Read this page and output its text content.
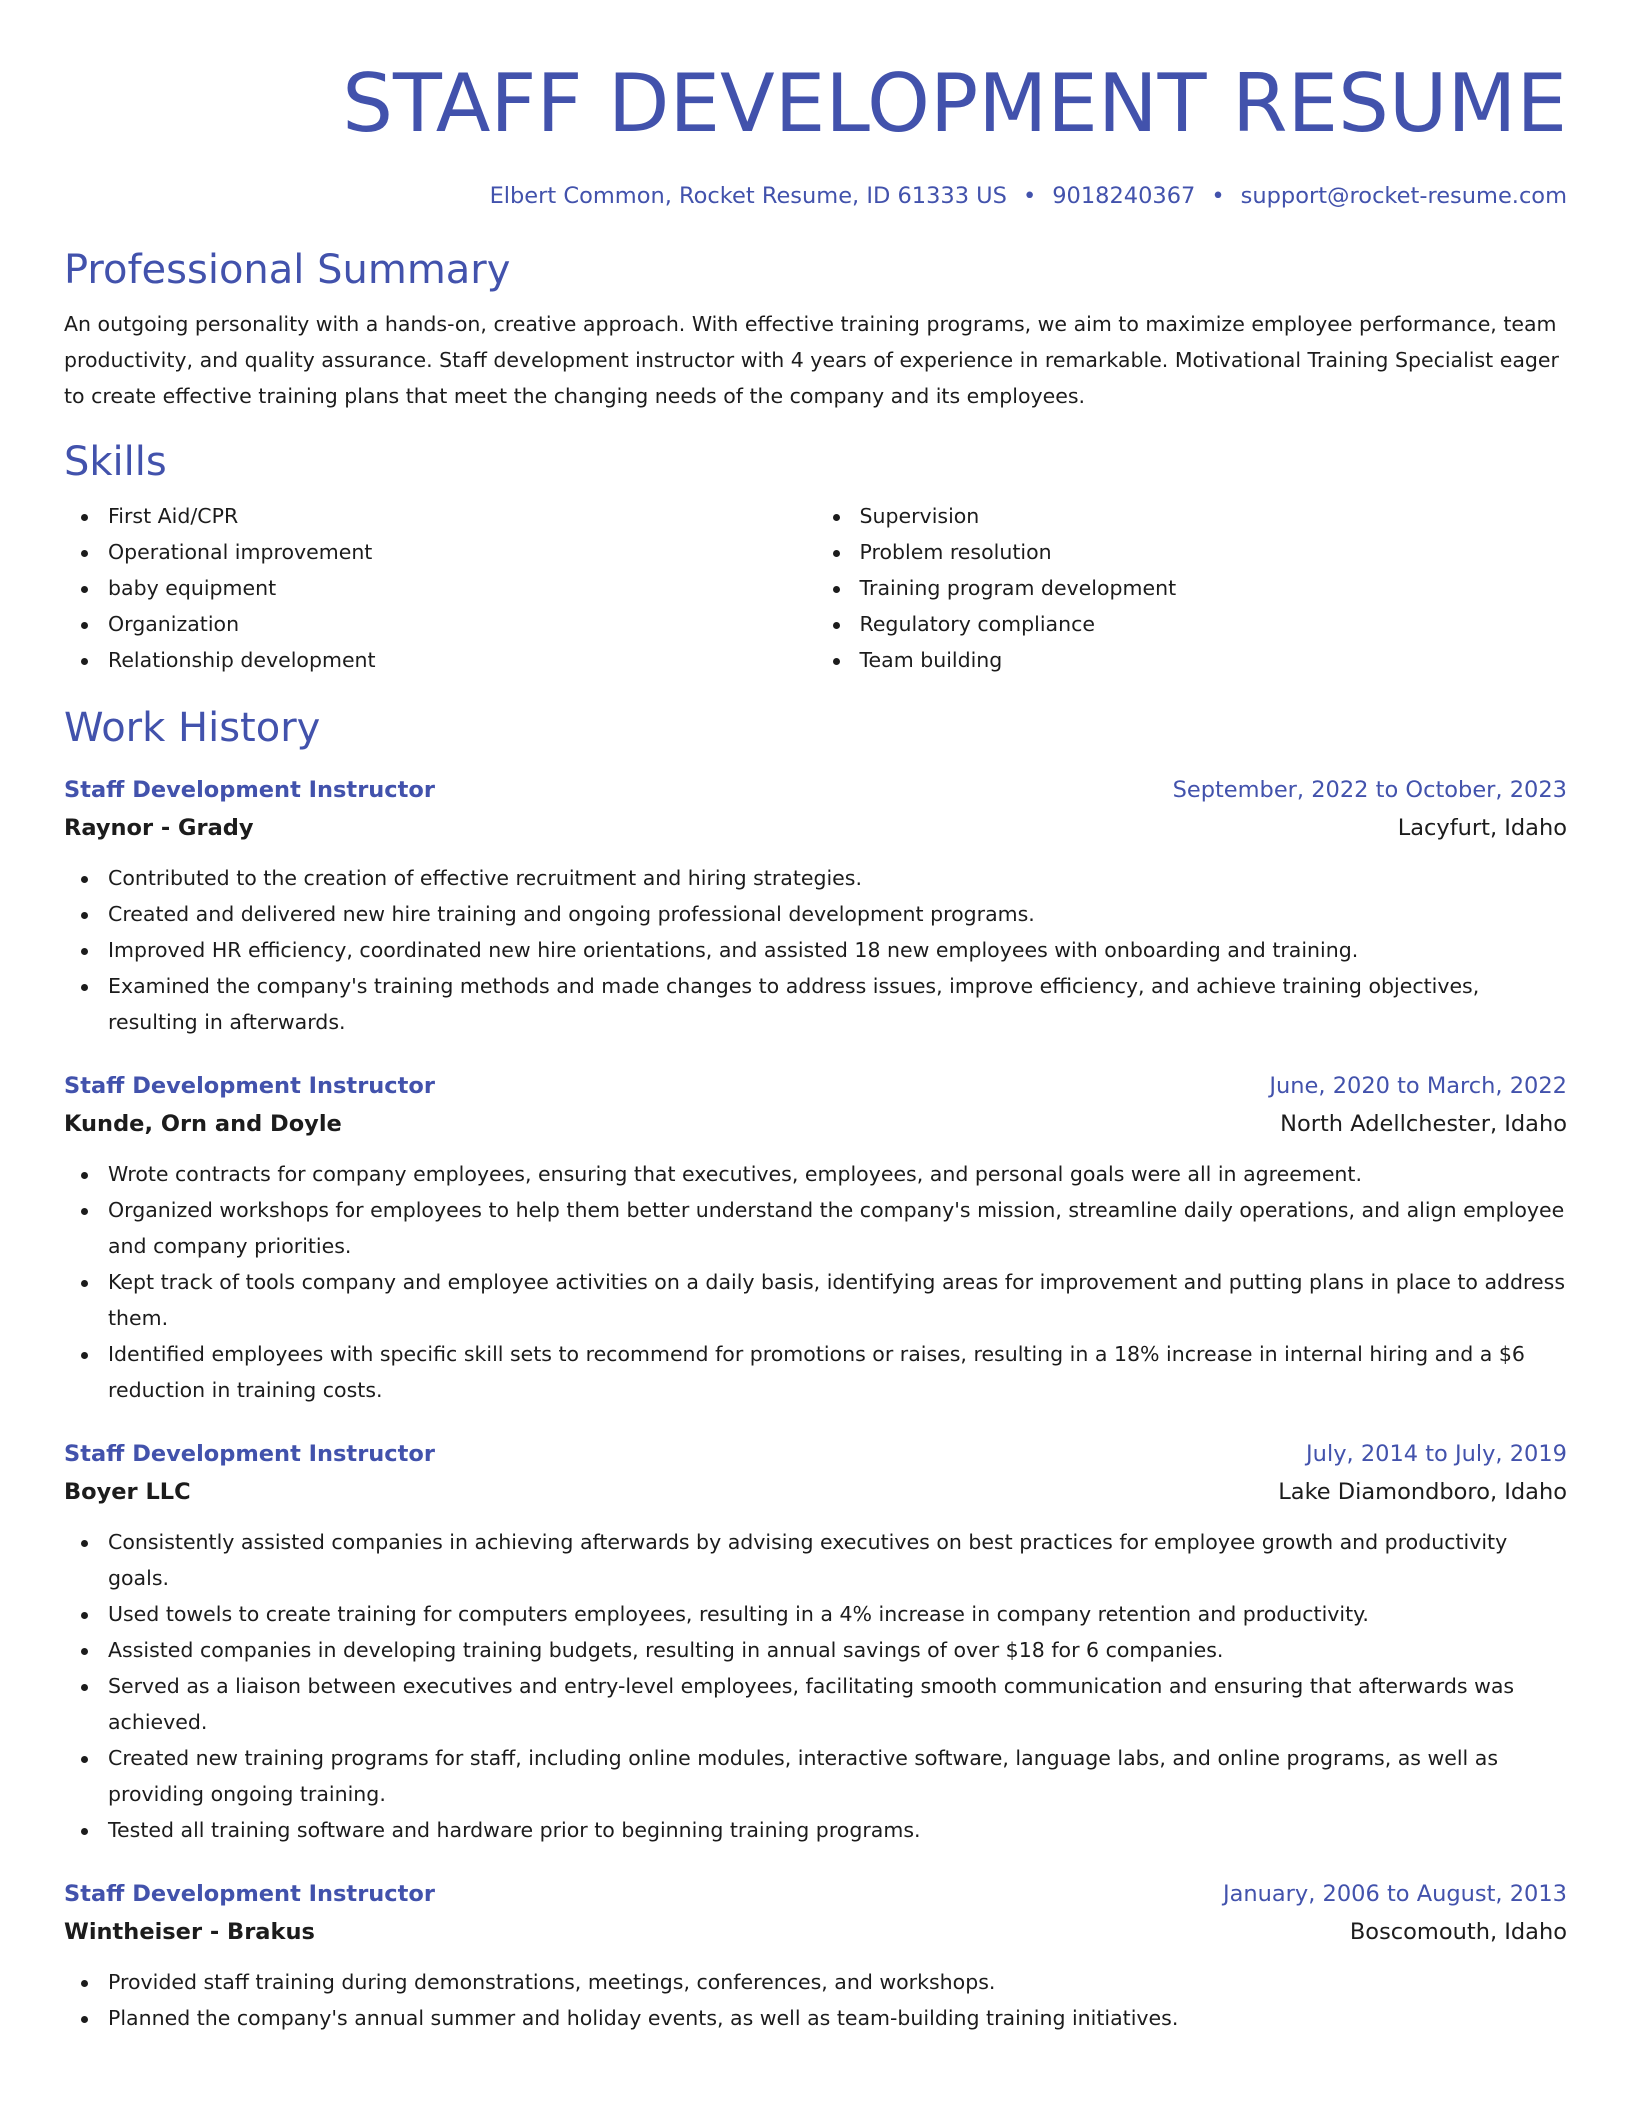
STAFF DEVELOPMENT RESUME
Elbert Common, Rocket Resume, ID 61333 US • 9018240367 • support@rocket-resume.com
Professional Summary
An outgoing personality with a hands-on, creative approach. With effective training programs, we aim to maximize employee performance, team productivity, and quality assurance. Staff development instructor with 4 years of experience in remarkable. Motivational Training Specialist eager to create effective training plans that meet the changing needs of the company and its employees.
Skills
First Aid/CPR
Operational improvement
baby equipment
Organization
Relationship development
Supervision
Problem resolution
Training program development
Regulatory compliance
Team building
Work History
Staff Development Instructor	September, 2022 to October, 2023
Raynor - Grady	Lacyfurt, Idaho
Contributed to the creation of effective recruitment and hiring strategies.
Created and delivered new hire training and ongoing professional development programs.
Improved HR efficiency, coordinated new hire orientations, and assisted 18 new employees with onboarding and training.
Examined the company's training methods and made changes to address issues, improve efficiency, and achieve training objectives, resulting in afterwards.
Staff Development Instructor	June, 2020 to March, 2022
Kunde, Orn and Doyle	North Adellchester, Idaho
Wrote contracts for company employees, ensuring that executives, employees, and personal goals were all in agreement.
Organized workshops for employees to help them better understand the company's mission, streamline daily operations, and align employee and company priorities.
Kept track of tools company and employee activities on a daily basis, identifying areas for improvement and putting plans in place to address them.
Identified employees with specific skill sets to recommend for promotions or raises, resulting in a 18% increase in internal hiring and a $6 reduction in training costs.
Staff Development Instructor	July, 2014 to July, 2019
Boyer LLC	Lake Diamondboro, Idaho
Consistently assisted companies in achieving afterwards by advising executives on best practices for employee growth and productivity goals.
Used towels to create training for computers employees, resulting in a 4% increase in company retention and productivity.
Assisted companies in developing training budgets, resulting in annual savings of over $18 for 6 companies.
Served as a liaison between executives and entry-level employees, facilitating smooth communication and ensuring that afterwards was achieved.
Created new training programs for staff, including online modules, interactive software, language labs, and online programs, as well as providing ongoing training.
Tested all training software and hardware prior to beginning training programs.
Staff Development Instructor	January, 2006 to August, 2013
Wintheiser - Brakus	Boscomouth, Idaho
Provided staff training during demonstrations, meetings, conferences, and workshops.
Planned the company's annual summer and holiday events, as well as team-building training initiatives.
